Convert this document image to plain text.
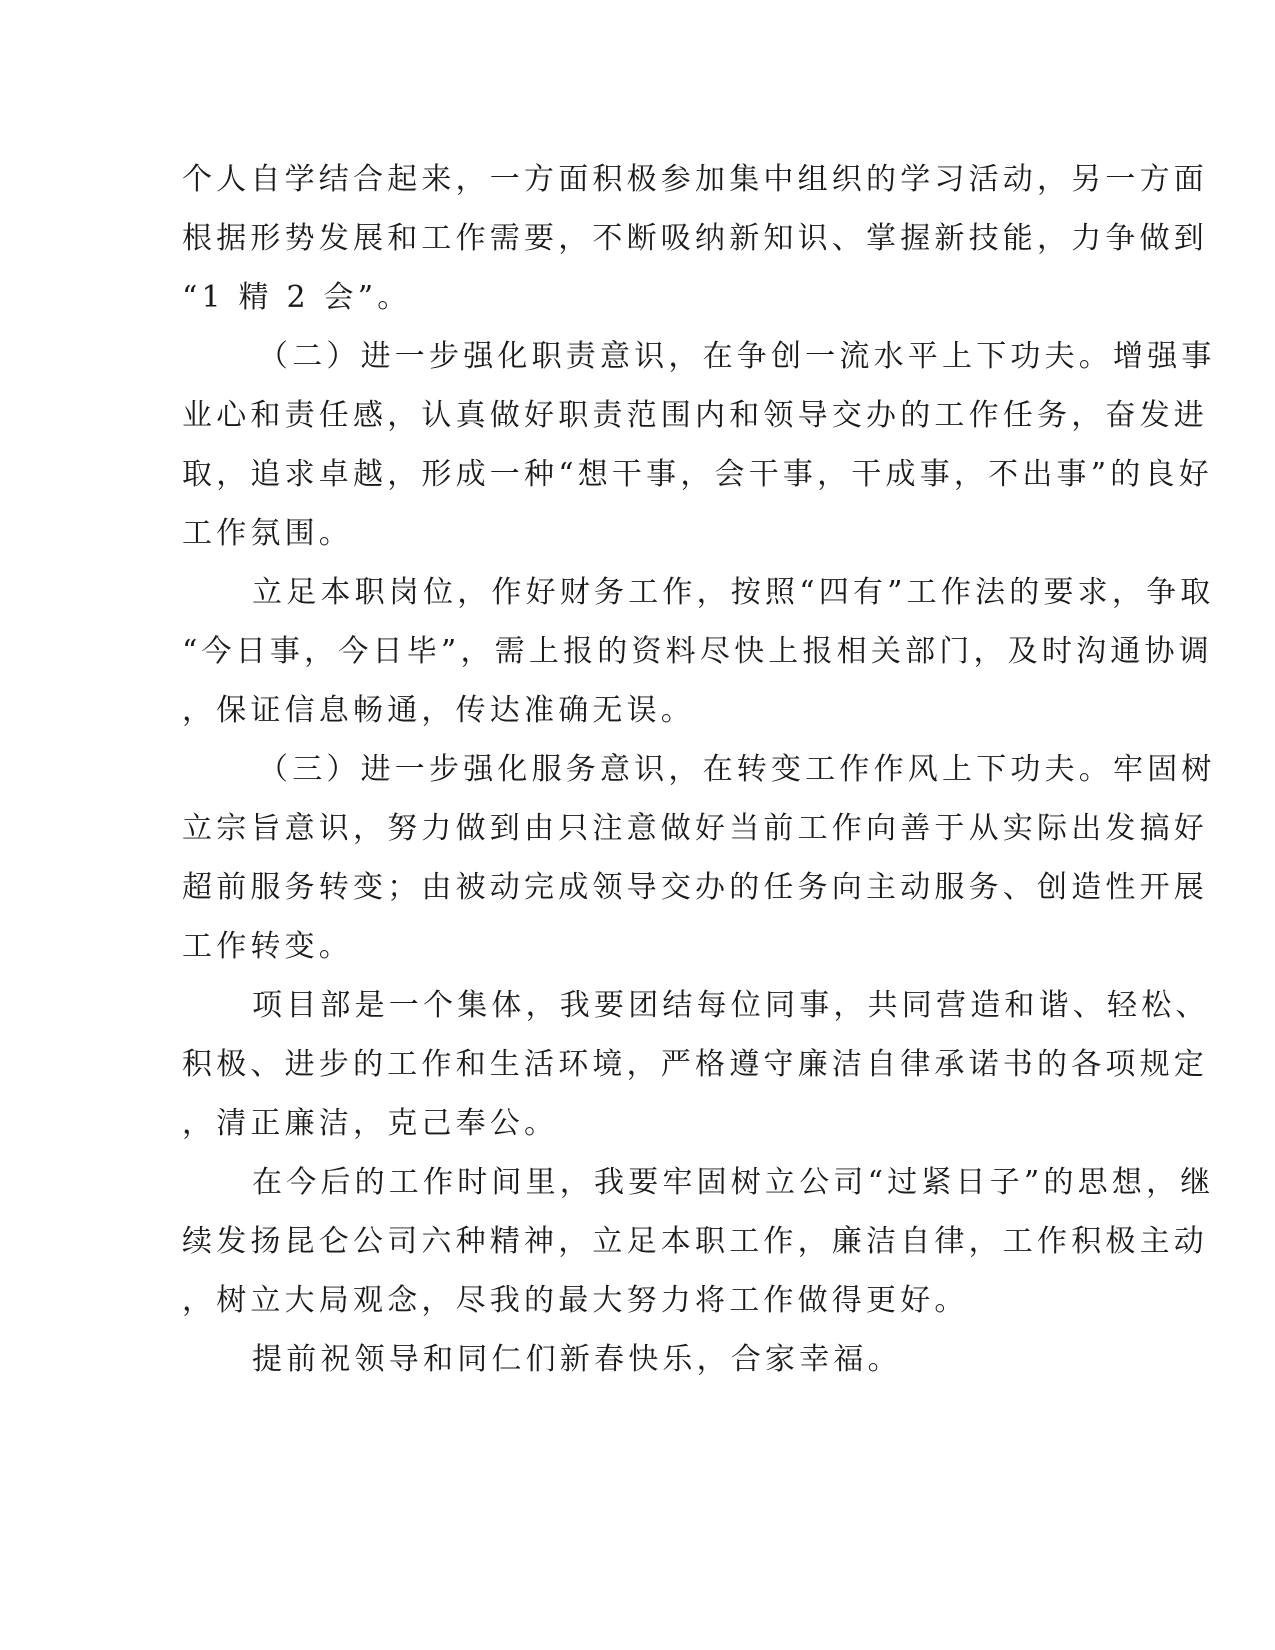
个人自学结合起来，一方面积极参加集中组织的学习活动，另一方面
根据形势发展和工作需要，不断吸纳新知识、掌握新技能，力争做到
“1 精 2 会”。
（二）进一步强化职责意识，在争创一流水平上下功夫。增强事
业心和责任感，认真做好职责范围内和领导交办的工作任务，奋发进
取，追求卓越，形成一种“想干事，会干事，干成事，不出事”的良好
工作氛围。
立足本职岗位，作好财务工作，按照“四有”工作法的要求，争取
“今日事，今日毕”，需上报的资料尽快上报相关部门，及时沟通协调
，保证信息畅通，传达准确无误。
（三）进一步强化服务意识，在转变工作作风上下功夫。牢固树
立宗旨意识，努力做到由只注意做好当前工作向善于从实际出发搞好
超前服务转变；由被动完成领导交办的任务向主动服务、创造性开展
工作转变。
项目部是一个集体，我要团结每位同事，共同营造和谐、轻松、
积极、进步的工作和生活环境，严格遵守廉洁自律承诺书的各项规定
，清正廉洁，克己奉公。
在今后的工作时间里，我要牢固树立公司“过紧日子”的思想，继
续发扬昆仑公司六种精神，立足本职工作，廉洁自律，工作积极主动
，树立大局观念，尽我的最大努力将工作做得更好。
提前祝领导和同仁们新春快乐，合家幸福。
